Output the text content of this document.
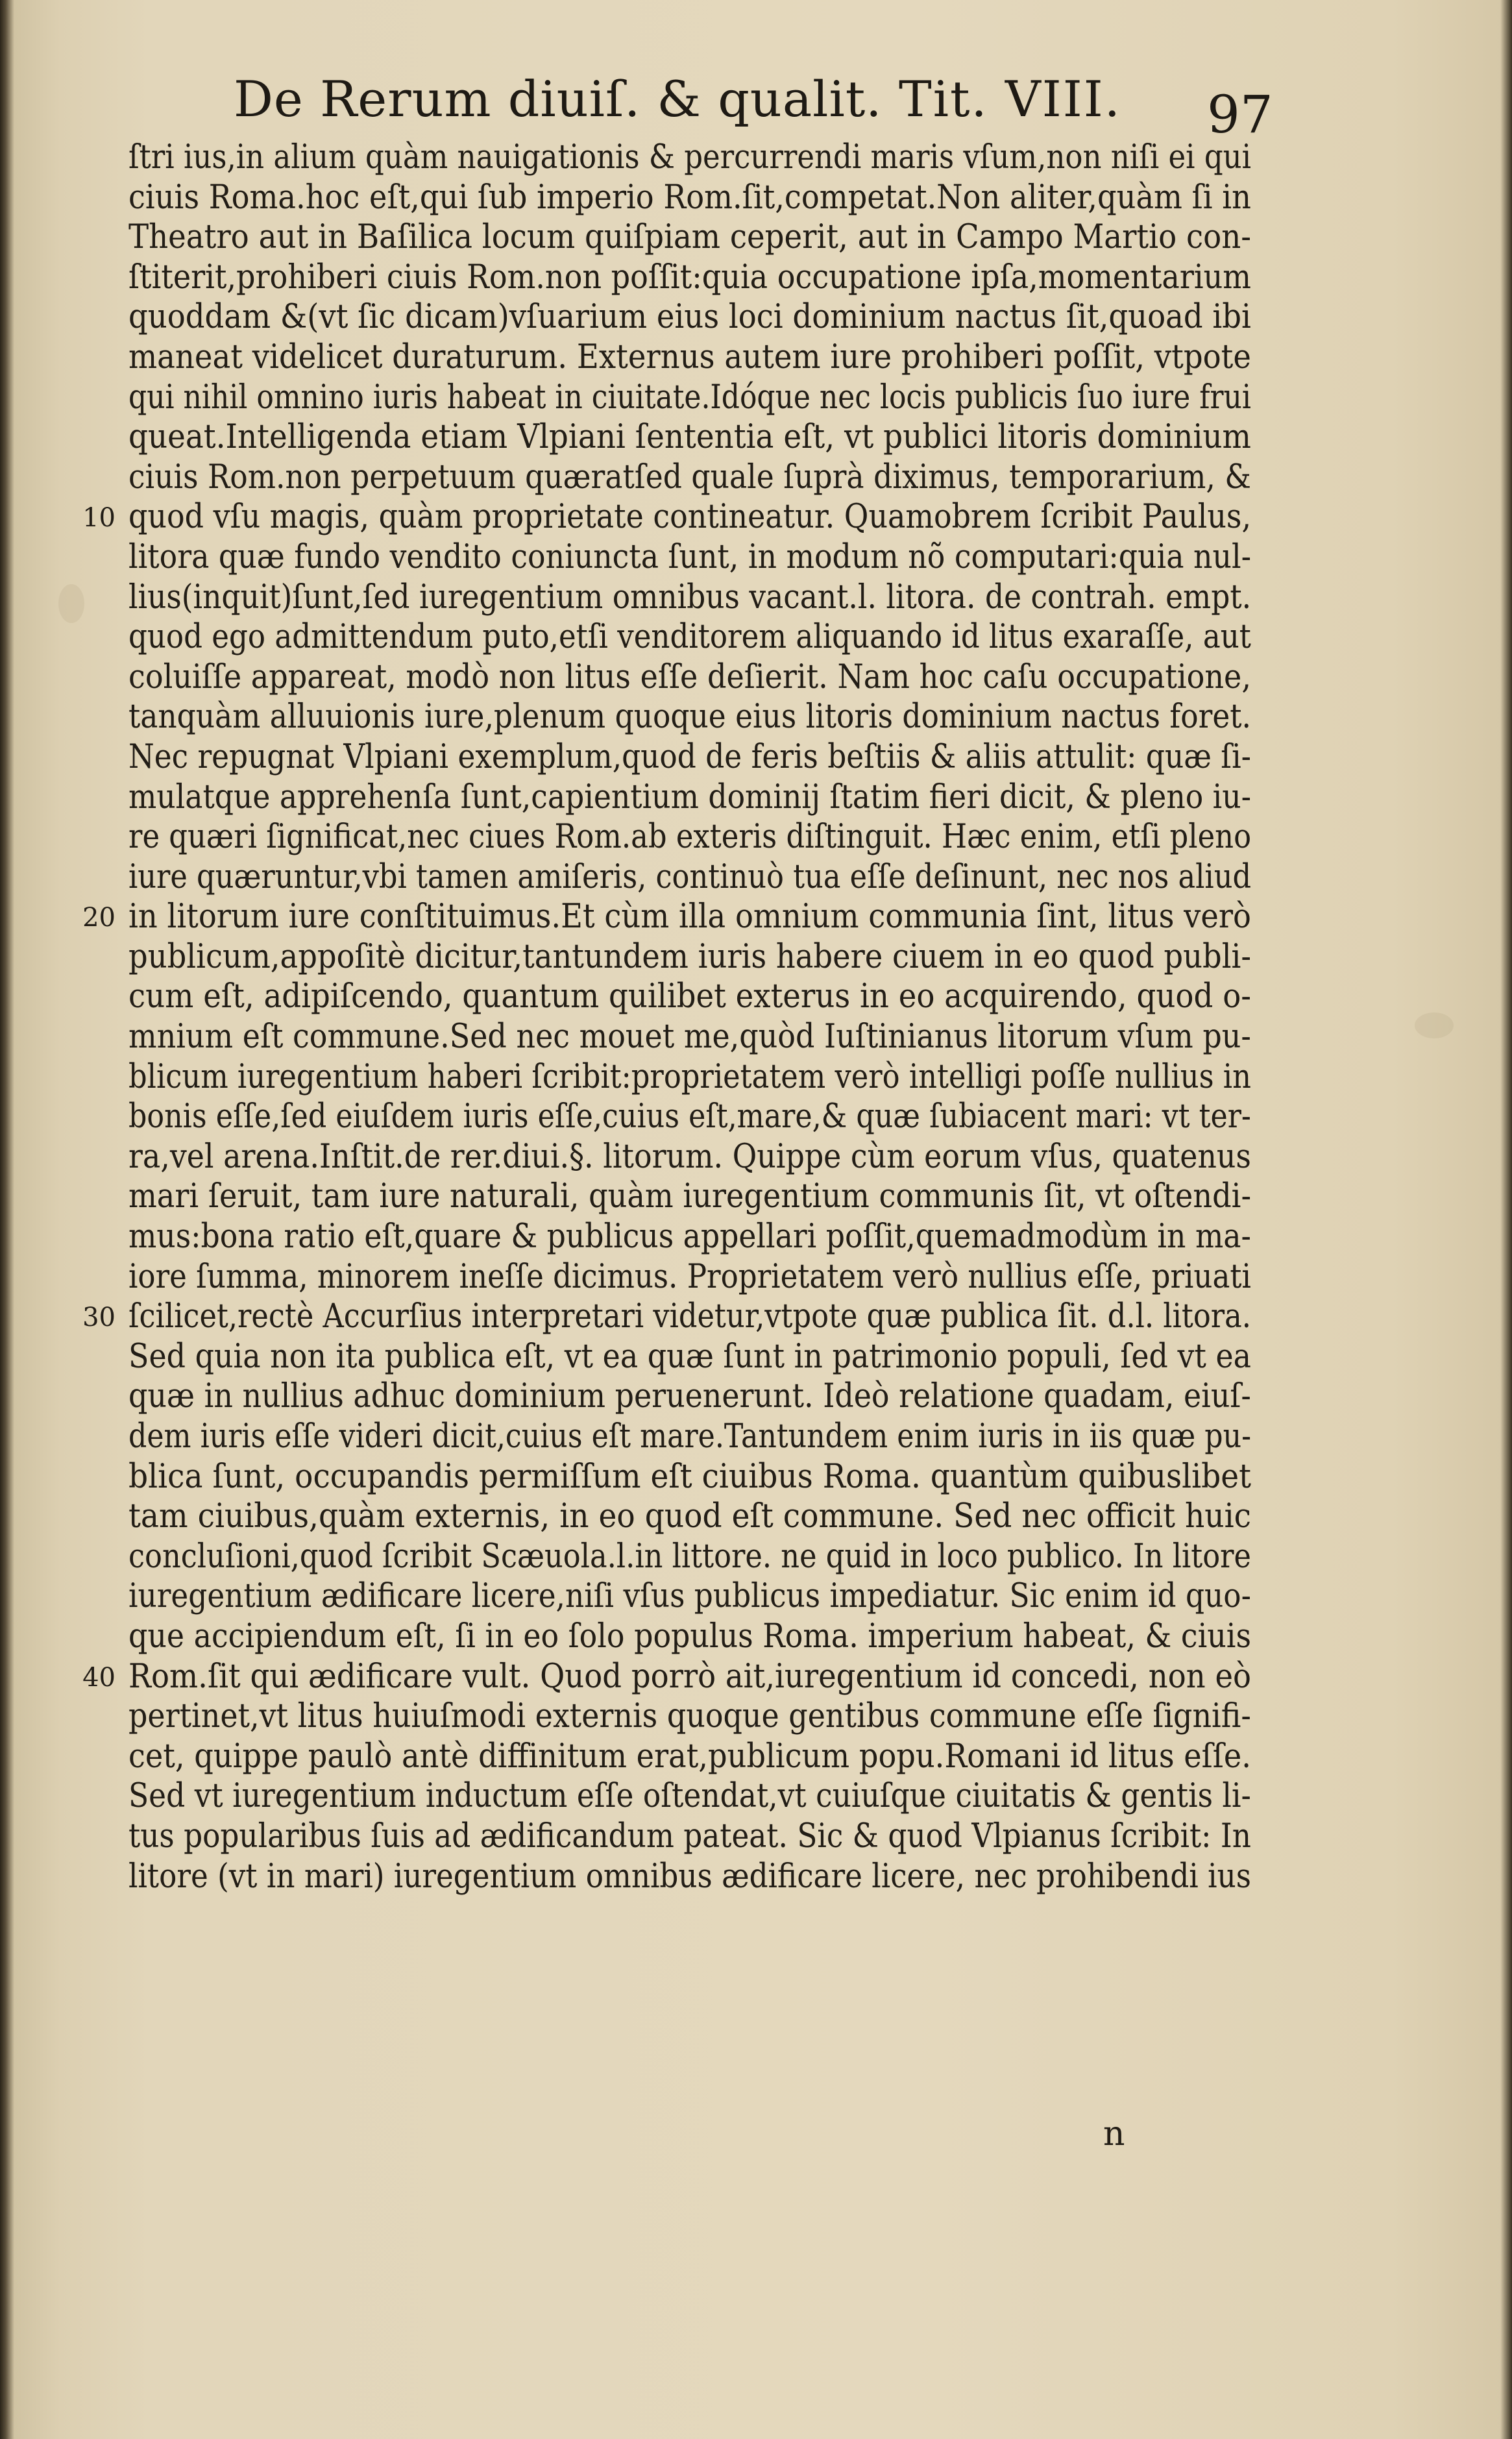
De Rerum diuiſ. & qualit. Tit. VIII. 97
ſtri ius,in alium quàm nauigationis & percurrendi maris vſum,non niſi ei qui
ciuis Roma.hoc eſt,qui ſub imperio Rom.ſit,competat.Non aliter,quàm ſi in
Theatro aut in Baſilica locum quiſpiam ceperit, aut in Campo Martio con-
ſtiterit,prohiberi ciuis Rom.non poſſit:quia occupatione ipſa,momentarium
quoddam &(vt ſic dicam)vſuarium eius loci dominium nactus ſit,quoad ibi
maneat videlicet duraturum. Externus autem iure prohiberi poſſit, vtpote
qui nihil omnino iuris habeat in ciuitate.Idóque nec locis publicis ſuo iure frui
queat.Intelligenda etiam Vlpiani ſententia eſt, vt publici litoris dominium
ciuis Rom.non perpetuum quæratſed quale ſuprà diximus, temporarium, &
10 quod vſu magis, quàm proprietate contineatur. Quamobrem ſcribit Paulus,
litora quæ fundo vendito coniuncta ſunt, in modum nõ computari:quia nul-
lius(inquit)ſunt,ſed iuregentium omnibus vacant.l. litora. de contrah. empt.
quod ego admittendum puto,etſi venditorem aliquando id litus exaraſſe, aut
coluiſſe appareat, modò non litus eſſe deſierit. Nam hoc caſu occupatione,
tanquàm alluuionis iure,plenum quoque eius litoris dominium nactus foret.
Nec repugnat Vlpiani exemplum,quod de feris beſtiis & aliis attulit: quæ ſi-
mulatque apprehenſa ſunt,capientium dominij ſtatim fieri dicit, & pleno iu-
re quæri ſignificat,nec ciues Rom.ab exteris diſtinguit. Hæc enim, etſi pleno
iure quæruntur,vbi tamen amiſeris, continuò tua eſſe deſinunt, nec nos aliud
20 in litorum iure conſtituimus.Et cùm illa omnium communia ſint, litus verò
publicum,appoſitè dicitur,tantundem iuris habere ciuem in eo quod publi-
cum eſt, adipiſcendo, quantum quilibet exterus in eo acquirendo, quod o-
mnium eſt commune.Sed nec mouet me,quòd Iuſtinianus litorum vſum pu-
blicum iuregentium haberi ſcribit:proprietatem verò intelligi poſſe nullius in
bonis eſſe,ſed eiuſdem iuris eſſe,cuius eſt,mare,& quæ ſubiacent mari: vt ter-
ra,vel arena.Inſtit.de rer.diui.§. litorum. Quippe cùm eorum vſus, quatenus
mari ſeruit, tam iure naturali, quàm iuregentium communis ſit, vt oſtendi-
mus:bona ratio eſt,quare & publicus appellari poſſit,quemadmodùm in ma-
iore ſumma, minorem ineſſe dicimus. Proprietatem verò nullius eſſe, priuati
30 ſcilicet,rectè Accurſius interpretari videtur,vtpote quæ publica ſit. d.l. litora.
Sed quia non ita publica eſt, vt ea quæ ſunt in patrimonio populi, ſed vt ea
quæ in nullius adhuc dominium peruenerunt. Ideò relatione quadam, eiuſ-
dem iuris eſſe videri dicit,cuius eſt mare.Tantundem enim iuris in iis quæ pu-
blica ſunt, occupandis permiſſum eſt ciuibus Roma. quantùm quibuslibet
tam ciuibus,quàm externis, in eo quod eſt commune. Sed nec officit huic
concluſioni,quod ſcribit Scæuola.l.in littore. ne quid in loco publico. In litore
iuregentium ædificare licere,niſi vſus publicus impediatur. Sic enim id quo-
que accipiendum eſt, ſi in eo ſolo populus Roma. imperium habeat, & ciuis
40 Rom.ſit qui ædificare vult. Quod porrò ait,iuregentium id concedi, non eò
pertinet,vt litus huiuſmodi externis quoque gentibus commune eſſe ſignifi-
cet, quippe paulò antè diffinitum erat,publicum popu.Romani id litus eſſe.
Sed vt iuregentium inductum eſſe oſtendat,vt cuiuſque ciuitatis & gentis li-
tus popularibus ſuis ad ædificandum pateat. Sic & quod Vlpianus ſcribit: In
litore (vt in mari) iuregentium omnibus ædificare licere, nec prohibendi ius
n
